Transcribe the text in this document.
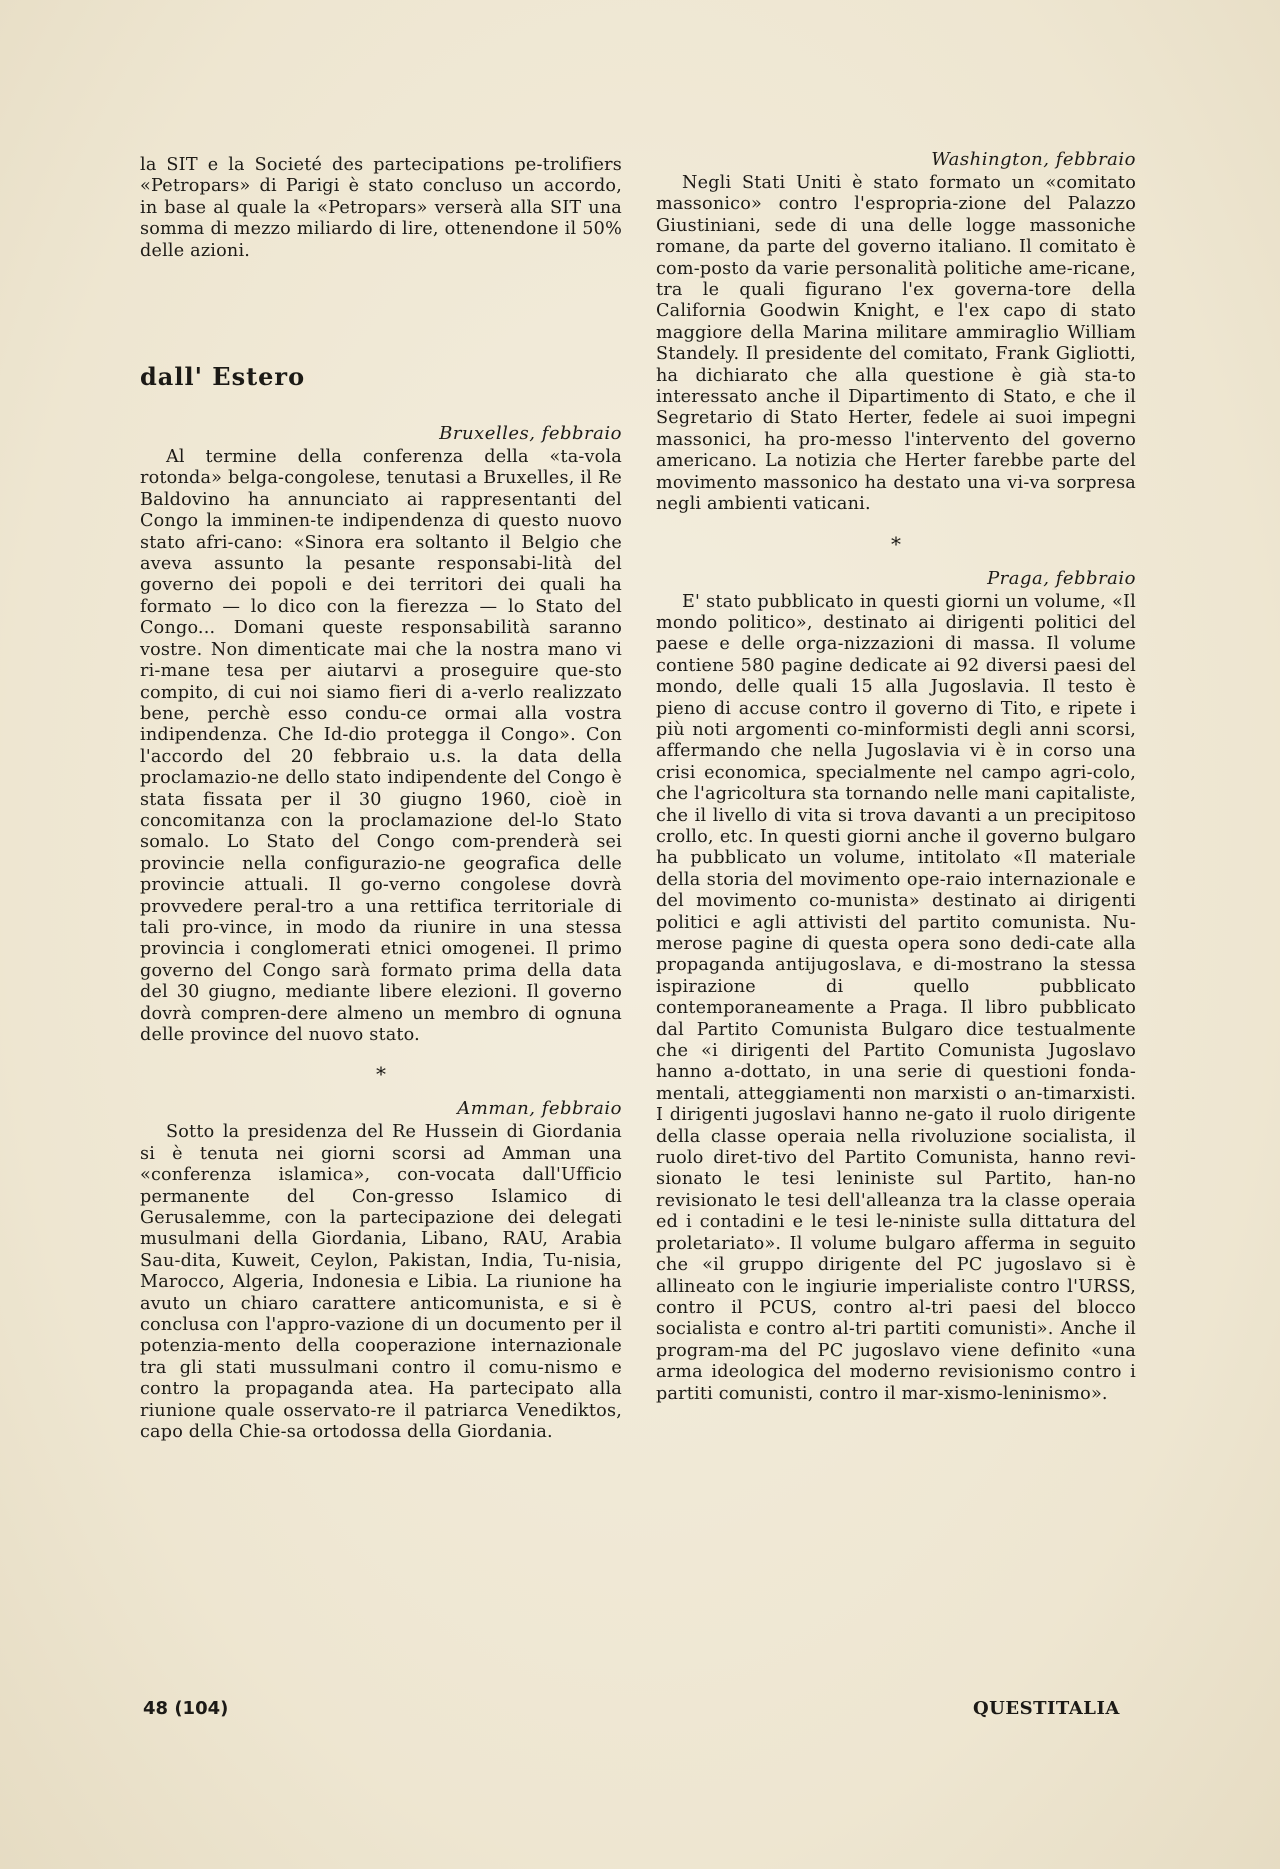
la SIT e la Societé des partecipations pe-trolifiers «Petropars» di Parigi è stato concluso un accordo, in base al quale la «Petropars» verserà alla SIT una somma di mezzo miliardo di lire, ottenendone il 50% delle azioni.

dall' Estero
Bruxelles, febbraio

Al termine della conferenza della «ta-vola rotonda» belga-congolese, tenutasi a Bruxelles, il Re Baldovino ha annunciato ai rappresentanti del Congo la imminen-te indipendenza di questo nuovo stato afri-cano: «Sinora era soltanto il Belgio che aveva assunto la pesante responsabi-lità del governo dei popoli e dei territori dei quali ha formato — lo dico con la fierezza — lo Stato del Congo... Domani queste responsabilità saranno vostre. Non dimenticate mai che la nostra mano vi ri-mane tesa per aiutarvi a proseguire que-sto compito, di cui noi siamo fieri di a-verlo realizzato bene, perchè esso condu-ce ormai alla vostra indipendenza. Che Id-dio protegga il Congo». Con l'accordo del 20 febbraio u.s. la data della proclamazio-ne dello stato indipendente del Congo è stata fissata per il 30 giugno 1960, cioè in concomitanza con la proclamazione del-lo Stato somalo. Lo Stato del Congo com-prenderà sei provincie nella configurazio-ne geografica delle provincie attuali. Il go-verno congolese dovrà provvedere peral-tro a una rettifica territoriale di tali pro-vince, in modo da riunire in una stessa provincia i conglomerati etnici omogenei. Il primo governo del Congo sarà formato prima della data del 30 giugno, mediante libere elezioni. Il governo dovrà compren-dere almeno un membro di ognuna delle province del nuovo stato.

*
Amman, febbraio

Sotto la presidenza del Re Hussein di Giordania si è tenuta nei giorni scorsi ad Amman una «conferenza islamica», con-vocata dall'Ufficio permanente del Con-gresso Islamico di Gerusalemme, con la partecipazione dei delegati musulmani della Giordania, Libano, RAU, Arabia Sau-dita, Kuweit, Ceylon, Pakistan, India, Tu-nisia, Marocco, Algeria, Indonesia e Libia. La riunione ha avuto un chiaro carattere anticomunista, e si è conclusa con l'appro-vazione di un documento per il potenzia-mento della cooperazione internazionale tra gli stati mussulmani contro il comu-nismo e contro la propaganda atea. Ha partecipato alla riunione quale osservato-re il patriarca Venediktos, capo della Chie-sa ortodossa della Giordania.

Washington, febbraio

Negli Stati Uniti è stato formato un «comitato massonico» contro l'espropria-zione del Palazzo Giustiniani, sede di una delle logge massoniche romane, da parte del governo italiano. Il comitato è com-posto da varie personalità politiche ame-ricane, tra le quali figurano l'ex governa-tore della California Goodwin Knight, e l'ex capo di stato maggiore della Marina militare ammiraglio William Standely. Il presidente del comitato, Frank Gigliotti, ha dichiarato che alla questione è già sta-to interessato anche il Dipartimento di Stato, e che il Segretario di Stato Herter, fedele ai suoi impegni massonici, ha pro-messo l'intervento del governo americano. La notizia che Herter farebbe parte del movimento massonico ha destato una vi-va sorpresa negli ambienti vaticani.

*
Praga, febbraio

E' stato pubblicato in questi giorni un volume, «Il mondo politico», destinato ai dirigenti politici del paese e delle orga-nizzazioni di massa. Il volume contiene 580 pagine dedicate ai 92 diversi paesi del mondo, delle quali 15 alla Jugoslavia. Il testo è pieno di accuse contro il governo di Tito, e ripete i più noti argomenti co-minformisti degli anni scorsi, affermando che nella Jugoslavia vi è in corso una crisi economica, specialmente nel campo agri-colo, che l'agricoltura sta tornando nelle mani capitaliste, che il livello di vita si trova davanti a un precipitoso crollo, etc. In questi giorni anche il governo bulgaro ha pubblicato un volume, intitolato «Il materiale della storia del movimento ope-raio internazionale e del movimento co-munista» destinato ai dirigenti politici e agli attivisti del partito comunista. Nu-merose pagine di questa opera sono dedi-cate alla propaganda antijugoslava, e di-mostrano la stessa ispirazione di quello pubblicato contemporaneamente a Praga. Il libro pubblicato dal Partito Comunista Bulgaro dice testualmente che «i dirigenti del Partito Comunista Jugoslavo hanno a-dottato, in una serie di questioni fonda-mentali, atteggiamenti non marxisti o an-timarxisti. I dirigenti jugoslavi hanno ne-gato il ruolo dirigente della classe operaia nella rivoluzione socialista, il ruolo diret-tivo del Partito Comunista, hanno revi-sionato le tesi leniniste sul Partito, han-no revisionato le tesi dell'alleanza tra la classe operaia ed i contadini e le tesi le-niniste sulla dittatura del proletariato». Il volume bulgaro afferma in seguito che «il gruppo dirigente del PC jugoslavo si è allineato con le ingiurie imperialiste contro l'URSS, contro il PCUS, contro al-tri paesi del blocco socialista e contro al-tri partiti comunisti». Anche il program-ma del PC jugoslavo viene definito «una arma ideologica del moderno revisionismo contro i partiti comunisti, contro il mar-xismo-leninismo».

48 (104)	QUESTITALIA
